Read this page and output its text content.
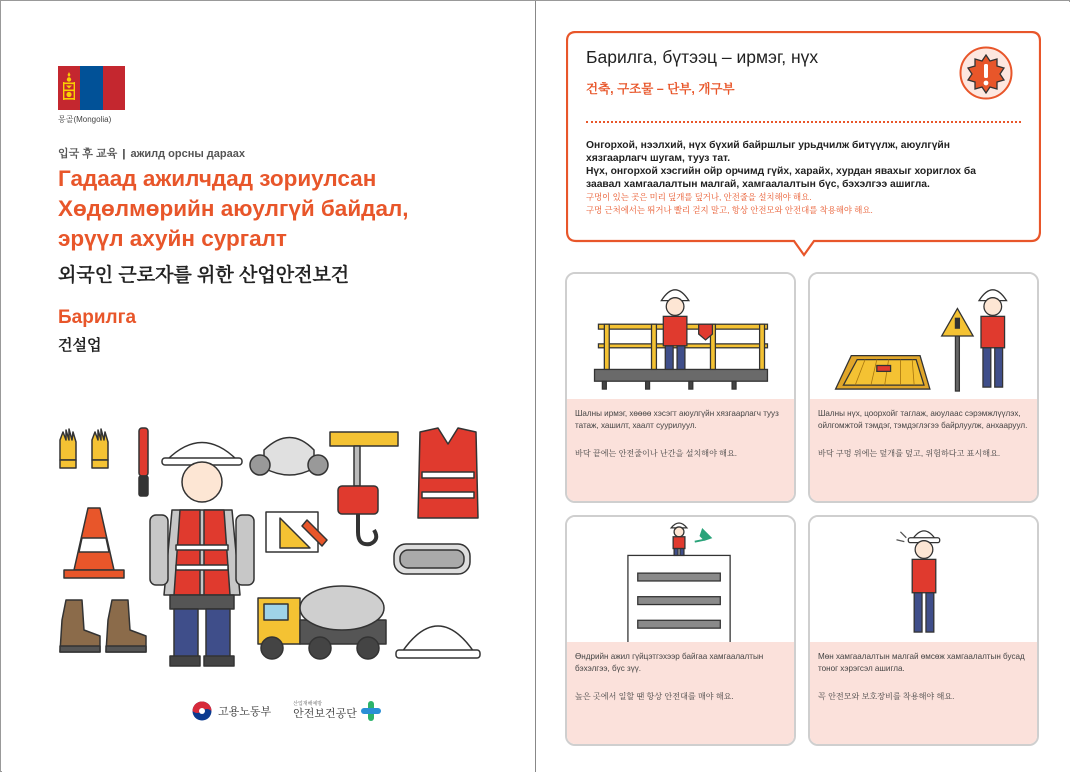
몽골(Mongolia)
입국 후 교육 | ажилд орсны дараах
Гадаад ажилчдад зориулсан
Хөдөлмөрийн аюулгүй байдал,
эрүүл ахуйн сургалт
외국인 근로자를 위한 산업안전보건
Барилга
건설업
고용노동부
산업재해예방
안전보건공단
Барилга, бүтээц – ирмэг, нүх
건축, 구조물 – 단부, 개구부
Онгорхой, нээлхий, нүх бүхий байршлыг урьдчилж битүүлж, аюулгүйн
хязгаарлагч шугам, тууз тат.
Нүх, онгорхой хэсгийн ойр орчимд гүйх, харайх, хурдан явахыг хориглох ба
заавал хамгаалалтын малгай, хамгаалалтын бүс, бэхэлгээ ашигла.
구멍이 있는 곳은 미리 덮개를 덮거나, 안전줄을 설치해야 해요.
구멍 근처에서는 뛰거나 빨리 걷지 말고, 항상 안전모와 안전대를 착용해야 해요.
Шалны ирмэг, хөөөө хэсэгт аюулгүйн хязгаарлагч тууз татаж, хашилт, хаалт суурилуул.
바닥 끝에는 안전줄이나 난간을 설치해야 해요.
Шалны нүх, цоорхойг таглаж, аюулаас сэрэмжлүүлэх, ойлгомжтой тэмдэг, тэмдэглэгээ байрлуулж, анхааруул.
바닥 구멍 위에는 덮개를 덮고, 위험하다고 표시해요.
Өндрийн ажил гүйцэтгэхээр байгаа хамгаалалтын бэхэлгээ, бүс зүү.
높은 곳에서 일할 땐 항상 안전대를 매야 해요.
Мөн хамгаалалтын малгай өмсөж хамгаалалтын бусад тоног хэрэгсэл ашигла.
꼭 안전모와 보호장비를 착용해야 해요.
